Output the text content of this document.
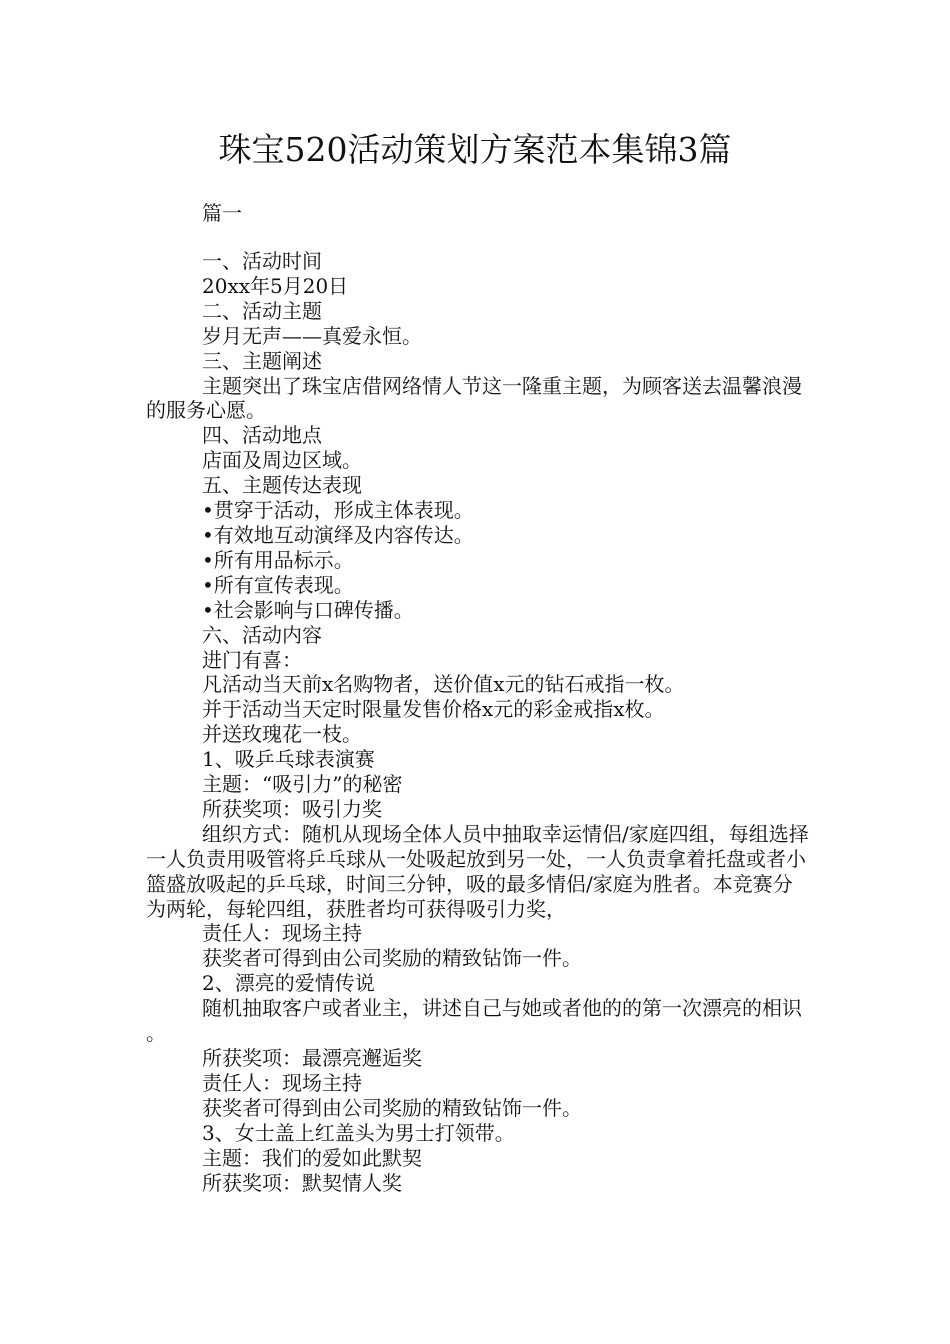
珠宝520活动策划方案范本集锦3篇
篇一

一、活动时间

20xx年5月20日

二、活动主题

岁月无声——真爱永恒。

三、主题阐述

主题突出了珠宝店借网络情人节这一隆重主题，为顾客送去温馨浪漫的服务心愿。

四、活动地点

店面及周边区域。

五、主题传达表现

•贯穿于活动，形成主体表现。

•有效地互动演绎及内容传达。

•所有用品标示。

•所有宣传表现。

•社会影响与口碑传播。

六、活动内容

进门有喜：

凡活动当天前x名购物者，送价值x元的钻石戒指一枚。

并于活动当天定时限量发售价格x元的彩金戒指x枚。

并送玫瑰花一枝。

1、吸乒乓球表演赛

主题：“吸引力”的秘密

所获奖项：吸引力奖

组织方式：随机从现场全体人员中抽取幸运情侣/家庭四组，每组选择一人负责用吸管将乒乓球从一处吸起放到另一处，一人负责拿着托盘或者小篮盛放吸起的乒乓球，时间三分钟，吸的最多情侣/家庭为胜者。本竞赛分为两轮，每轮四组，获胜者均可获得吸引力奖，

责任人：现场主持

获奖者可得到由公司奖励的精致钻饰一件。

2、漂亮的爱情传说

随机抽取客户或者业主，讲述自己与她或者他的的第一次漂亮的相识。

所获奖项：最漂亮邂逅奖

责任人：现场主持

获奖者可得到由公司奖励的精致钻饰一件。

3、女士盖上红盖头为男士打领带。

主题：我们的爱如此默契

所获奖项：默契情人奖
